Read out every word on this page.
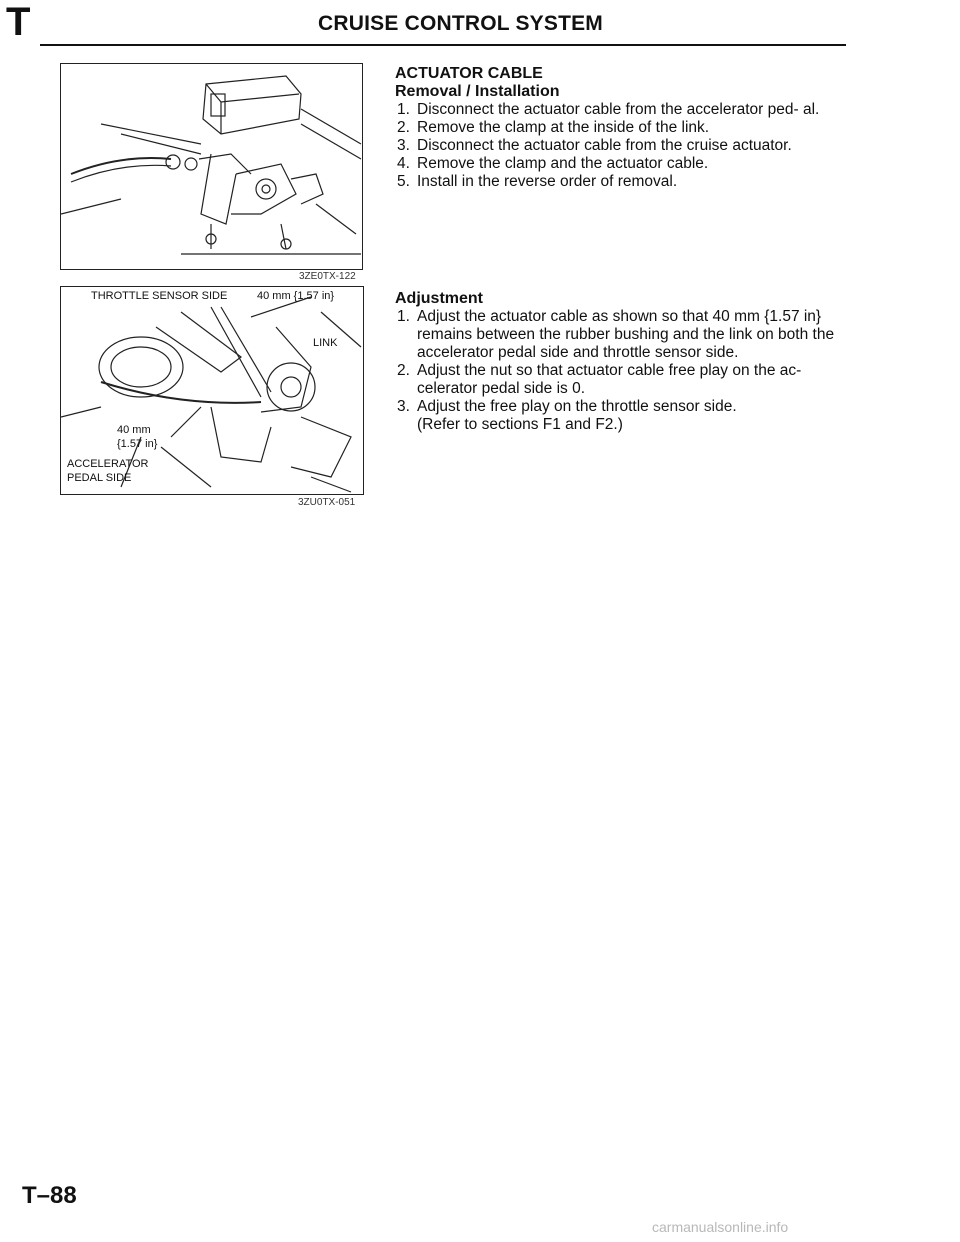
T	CRUISE CONTROL SYSTEM
3ZE0TX-122
THROTTLE SENSOR SIDE	40 mm {1.57 in}
LINK
40 mm
{1.57 in}
ACCELERATOR
PEDAL SIDE
3ZU0TX-051
ACTUATOR CABLE
Removal / Installation
1. Disconnect the actuator cable from the accelerator ped- al.
2. Remove the clamp at the inside of the link.
3. Disconnect the actuator cable from the cruise actuator.
4. Remove the clamp and the actuator cable.
5. Install in the reverse order of removal.
Adjustment
1. Adjust the actuator cable as shown so that 40 mm {1.57 in} remains between the rubber bushing and the link on both the accelerator pedal side and throttle sensor side.
2. Adjust the nut so that actuator cable free play on the ac- celerator pedal side is 0.
3. Adjust the free play on the throttle sensor side.
(Refer to sections F1 and F2.)
T–88
carmanualsonline.info
